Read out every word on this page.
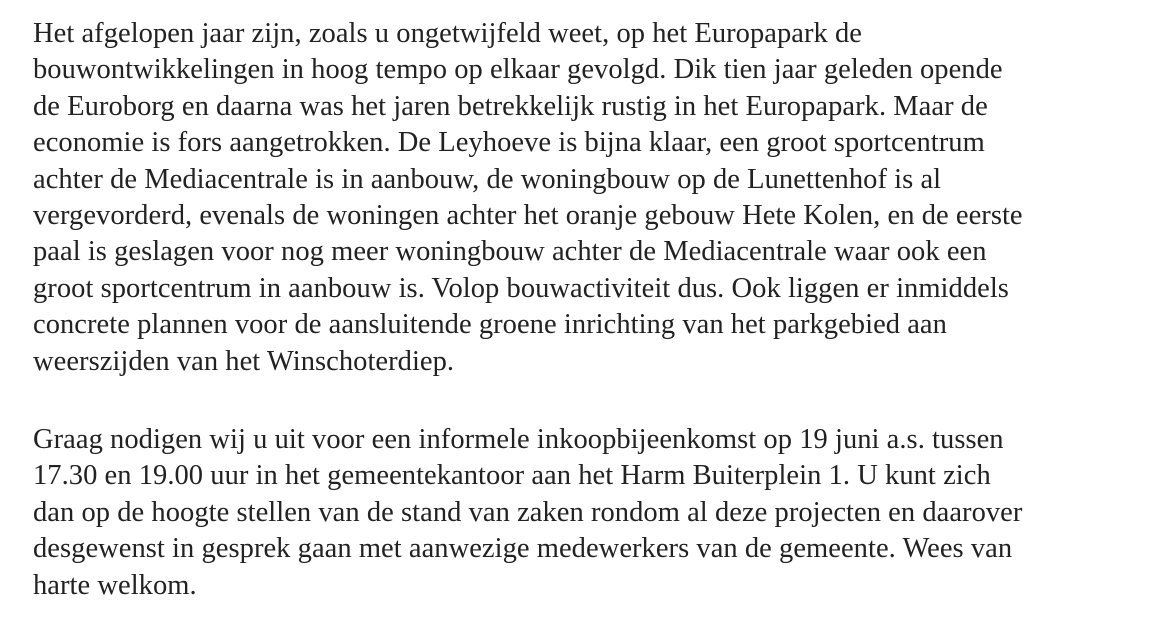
Het afgelopen jaar zijn, zoals u ongetwijfeld weet, op het Europapark de
bouwontwikkelingen in hoog tempo op elkaar gevolgd. Dik tien jaar geleden opende
de Euroborg en daarna was het jaren betrekkelijk rustig in het Europapark. Maar de
economie is fors aangetrokken. De Leyhoeve is bijna klaar, een groot sportcentrum
achter de Mediacentrale is in aanbouw, de woningbouw op de Lunettenhof is al
vergevorderd, evenals de woningen achter het oranje gebouw Hete Kolen, en de eerste
paal is geslagen voor nog meer woningbouw achter de Mediacentrale waar ook een
groot sportcentrum in aanbouw is. Volop bouwactiviteit dus. Ook liggen er inmiddels
concrete plannen voor de aansluitende groene inrichting van het parkgebied aan
weerszijden van het Winschoterdiep.

Graag nodigen wij u uit voor een informele inkoopbijeenkomst op 19 juni a.s. tussen
17.30 en 19.00 uur in het gemeentekantoor aan het Harm Buiterplein 1. U kunt zich
dan op de hoogte stellen van de stand van zaken rondom al deze projecten en daarover
desgewenst in gesprek gaan met aanwezige medewerkers van de gemeente. Wees van
harte welkom.
